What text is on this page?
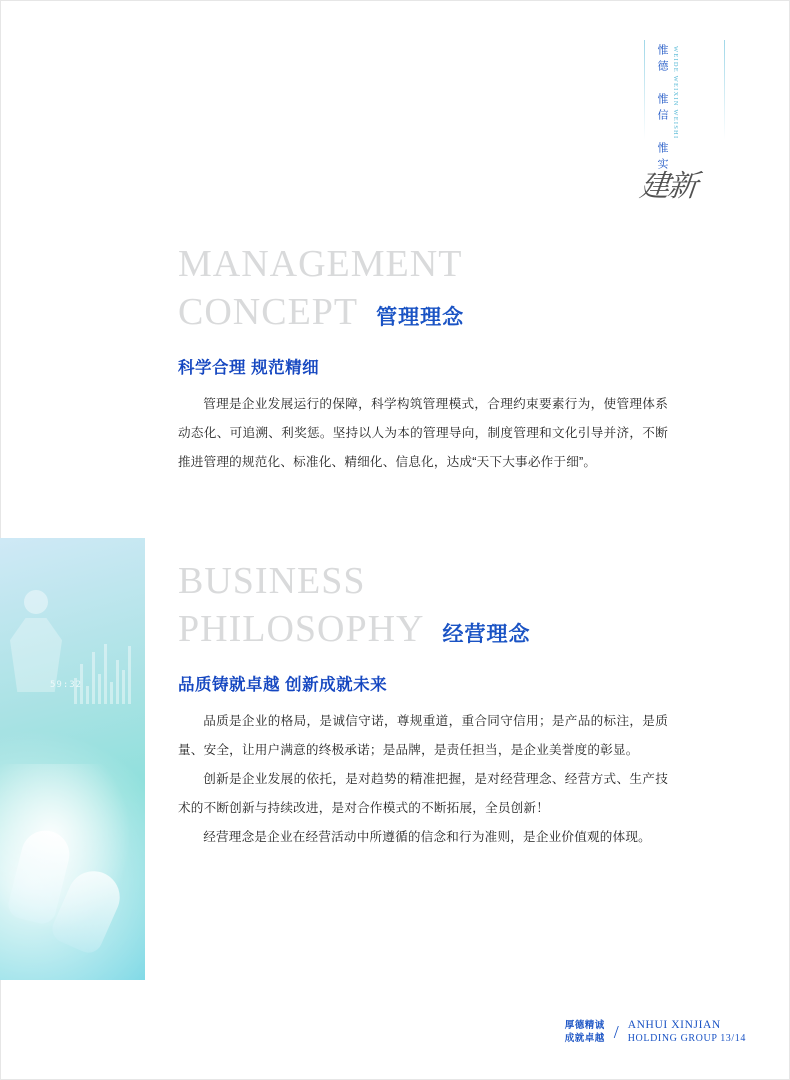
惟德 惟信 惟实 WEIDE WEIXIN WEISHI
建新
59:32
MANAGEMENT
CONCEPT 管理理念
科学合理 规范精细
管理是企业发展运行的保障，科学构筑管理模式，合理约束要素行为，使管理体系动态化、可追溯、利奖惩。坚持以人为本的管理导向，制度管理和文化引导并济，不断推进管理的规范化、标准化、精细化、信息化，达成“天下大事必作于细”。
BUSINESS
PHILOSOPHY 经营理念
品质铸就卓越 创新成就未来
品质是企业的格局，是诚信守诺，尊规重道，重合同守信用；是产品的标注，是质量、安全，让用户满意的终极承诺；是品牌，是责任担当，是企业美誉度的彰显。
创新是企业发展的依托，是对趋势的精准把握，是对经营理念、经营方式、生产技术的不断创新与持续改进，是对合作模式的不断拓展，全员创新！
经营理念是企业在经营活动中所遵循的信念和行为准则，是企业价值观的体现。
厚德精诚
成就卓越 / ANHUI XINJIAN
HOLDING GROUP 13/14
